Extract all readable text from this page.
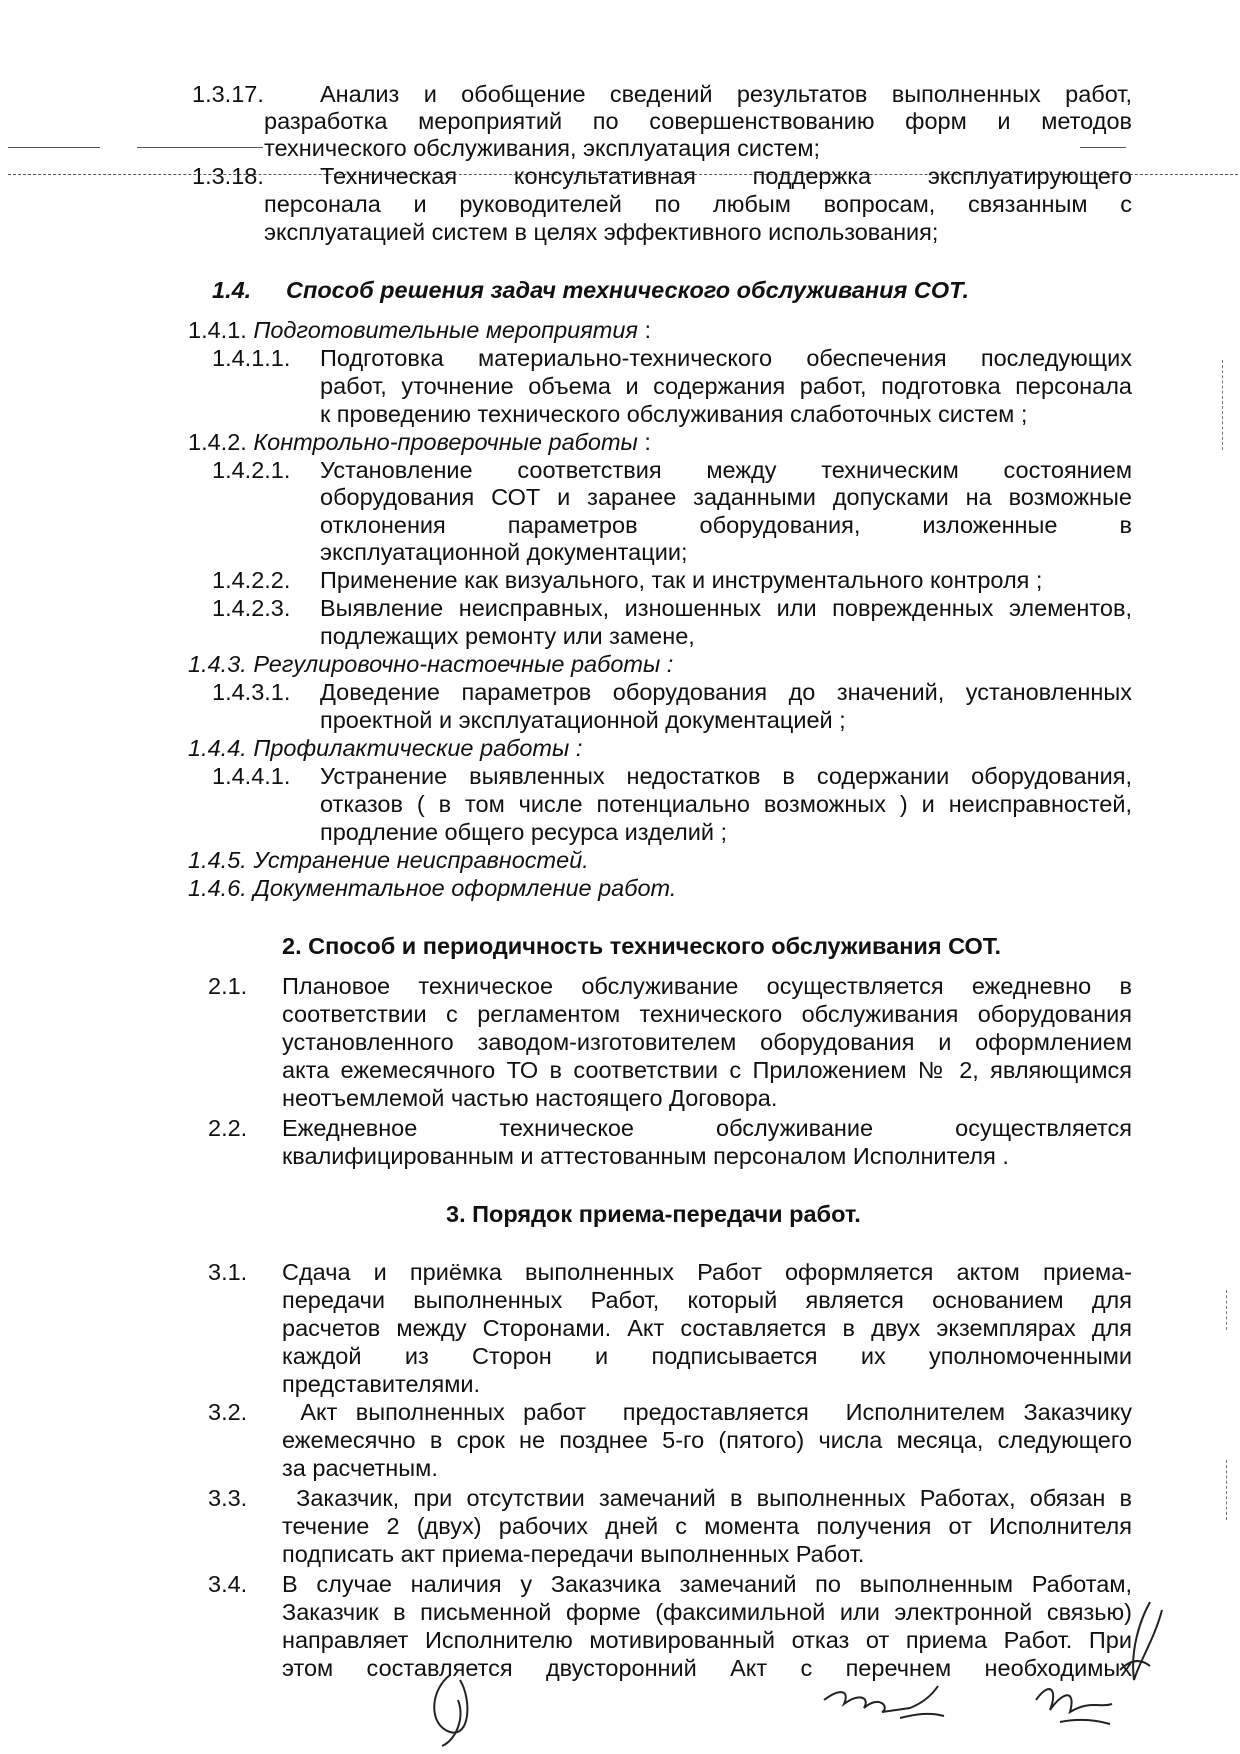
1.3.17. Анализ и обобщение сведений результатов выполненных работ,
разработка мероприятий по совершенствованию форм и методов
технического обслуживания, эксплуатация систем;
1.3.18. Техническая консультативная поддержка эксплуатирующего
персонала и руководителей по любым вопросам, связанным с
эксплуатацией систем в целях эффективного использования;
1.4. Способ решения задач технического обслуживания СОТ.
1.4.1. Подготовительные мероприятия :
1.4.1.1. Подготовка материально-технического обеспечения последующих
работ, уточнение объема и содержания работ, подготовка персонала
к проведению технического обслуживания слаботочных систем ;
1.4.2. Контрольно-проверочные работы :
1.4.2.1. Установление соответствия между техническим состоянием
оборудования СОТ и заранее заданными допусками на возможные
отклонения параметров оборудования, изложенные в
эксплуатационной документации;
1.4.2.2. Применение как визуального, так и инструментального контроля ;
1.4.2.3. Выявление неисправных, изношенных или поврежденных элементов,
подлежащих ремонту или замене,
1.4.3. Регулировочно-настоечные работы :
1.4.3.1. Доведение параметров оборудования до значений, установленных
проектной и эксплуатационной документацией ;
1.4.4. Профилактические работы :
1.4.4.1. Устранение выявленных недостатков в содержании оборудования,
отказов ( в том числе потенциально возможных ) и неисправностей,
продление общего ресурса изделий ;
1.4.5. Устранение неисправностей.
1.4.6. Документальное оформление работ.
2. Способ и периодичность технического обслуживания СОТ.
2.1. Плановое техническое обслуживание осуществляется ежедневно в
соответствии с регламентом технического обслуживания оборудования
установленного заводом-изготовителем оборудования и оформлением
акта ежемесячного ТО в соответствии с Приложением № 2, являющимся
неотъемлемой частью настоящего Договора.
2.2. Ежедневное техническое обслуживание осуществляется
квалифицированным и аттестованным персоналом Исполнителя .
3. Порядок приема-передачи работ.
3.1. Сдача и приёмка выполненных Работ оформляется актом приема-
передачи выполненных Работ, который является основанием для
расчетов между Сторонами. Акт составляется в двух экземплярах для
каждой из Сторон и подписывается их уполномоченными
представителями.
3.2. Акт выполненных работ  предоставляется  Исполнителем Заказчику
ежемесячно в срок не позднее 5-го (пятого) числа месяца, следующего
за расчетным.
3.3. Заказчик, при отсутствии замечаний в выполненных Работах, обязан в
течение 2 (двух) рабочих дней с момента получения от Исполнителя
подписать акт приема-передачи выполненных Работ.
3.4. В случае наличия у Заказчика замечаний по выполненным Работам,
Заказчик в письменной форме (факсимильной или электронной связью)
направляет Исполнителю мотивированный отказ от приема Работ. При
этом составляется двусторонний Акт с перечнем необходимых
